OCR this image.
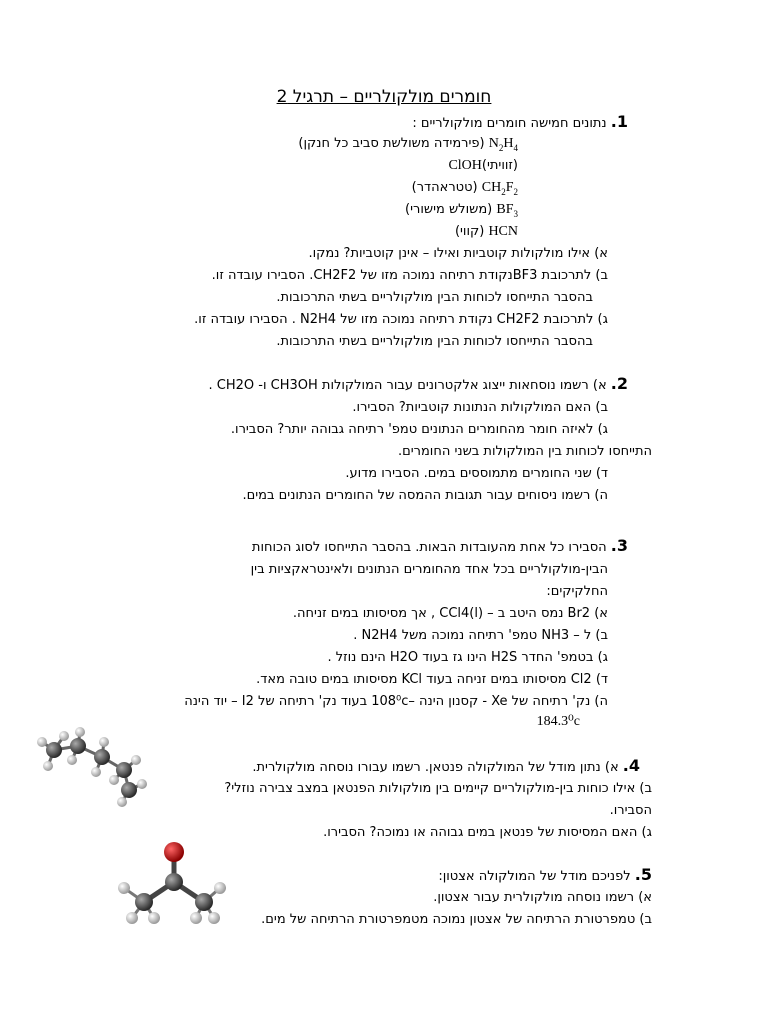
חומרים מולקולריים – תרגיל 2
1. נתונים חמישה חומרים מולקולריים :
$N_2H_4$ (פירמידה משולשת סביב כל חנקן)
(זוויתי)ClOH
$CH_2F_2$ (טטראהדר)
$BF_3$ (משולש מישורי)
HCN (קווי)
א) אילו מולקולות קוטביות ואילו – אינן קוטביות? נמקו.
ב) לתרכובת BF3נקודת רתיחה נמוכה מזו של CH2F2. הסבירו עובדה זו.
בהסבר התייחסו לכוחות הבין מולקולריים בשתי התרכובות.
ג) לתרכובת CH2F2 נקודת רתיחה נמוכה מזו של N2H4 . הסבירו עובדה זו.
בהסבר התייחסו לכוחות הבין מולקולריים בשתי התרכובות.
2. א) רשמו נוסחאות ייצוג אלקטרונים עבור המולקולות CH3OH ו- CH2O .
ב) האם המולקולות הנתונות קוטביות? הסבירו.
ג) לאיזה חומר מהחומרים הנתונים טמפ' רתיחה גבוהה יותר? הסבירו.
התייחסו לכוחות בין המולקולות בשני החומרים.
ד) שני החומרים מתמוססים במים. הסבירו מדוע.
ה) רשמו ניסוחים עבור תגובות ההמסה של החומרים הנתונים במים.
3. הסבירו כל אחת מהעובדות הבאות. בהסבר התייחסו לסוג הכוחות
הבין-מולקולריים בכל אחד מהחומרים הנתונים ולאינטראקציות בין
החלקיקים:
א) Br2 נמס היטב ב – CCl4(l) , אך מסיסותו במים זניחה.
ב) ל – NH3 טמפ' רתיחה נמוכה משל N2H4 .
ג) בטמפ' החדר H2S הינו גז בעוד H2O הינם נוזל .
ד) Cl2 מסיסותו במים זניחה בעוד KCl מסיסותו במים טובה מאד.
ה) נק' רתיחה של Xe - קסנון הינה –108⁰c בעוד נק' רתיחה של I2 – יוד הינה
184.3⁰c
4. א) נתון מודל של המולקולה פנטאן. רשמו עבורו נוסחה מולקולרית.
ב) אילו כוחות בין-מולקולריים קיימים בין מולקולות הפנטאן במצב צבירה נוזלי?
הסבירו.
ג) האם המסיסות של פנטאן במים גבוהה או נמוכה? הסבירו.
5. לפניכם מודל של המולקולה אצטון:
א) רשמו נוסחה מולקולרית עבור אצטון.
ב) טמפרטורת הרתיחה של אצטון נמוכה מטמפרטורת הרתיחה של מים.
